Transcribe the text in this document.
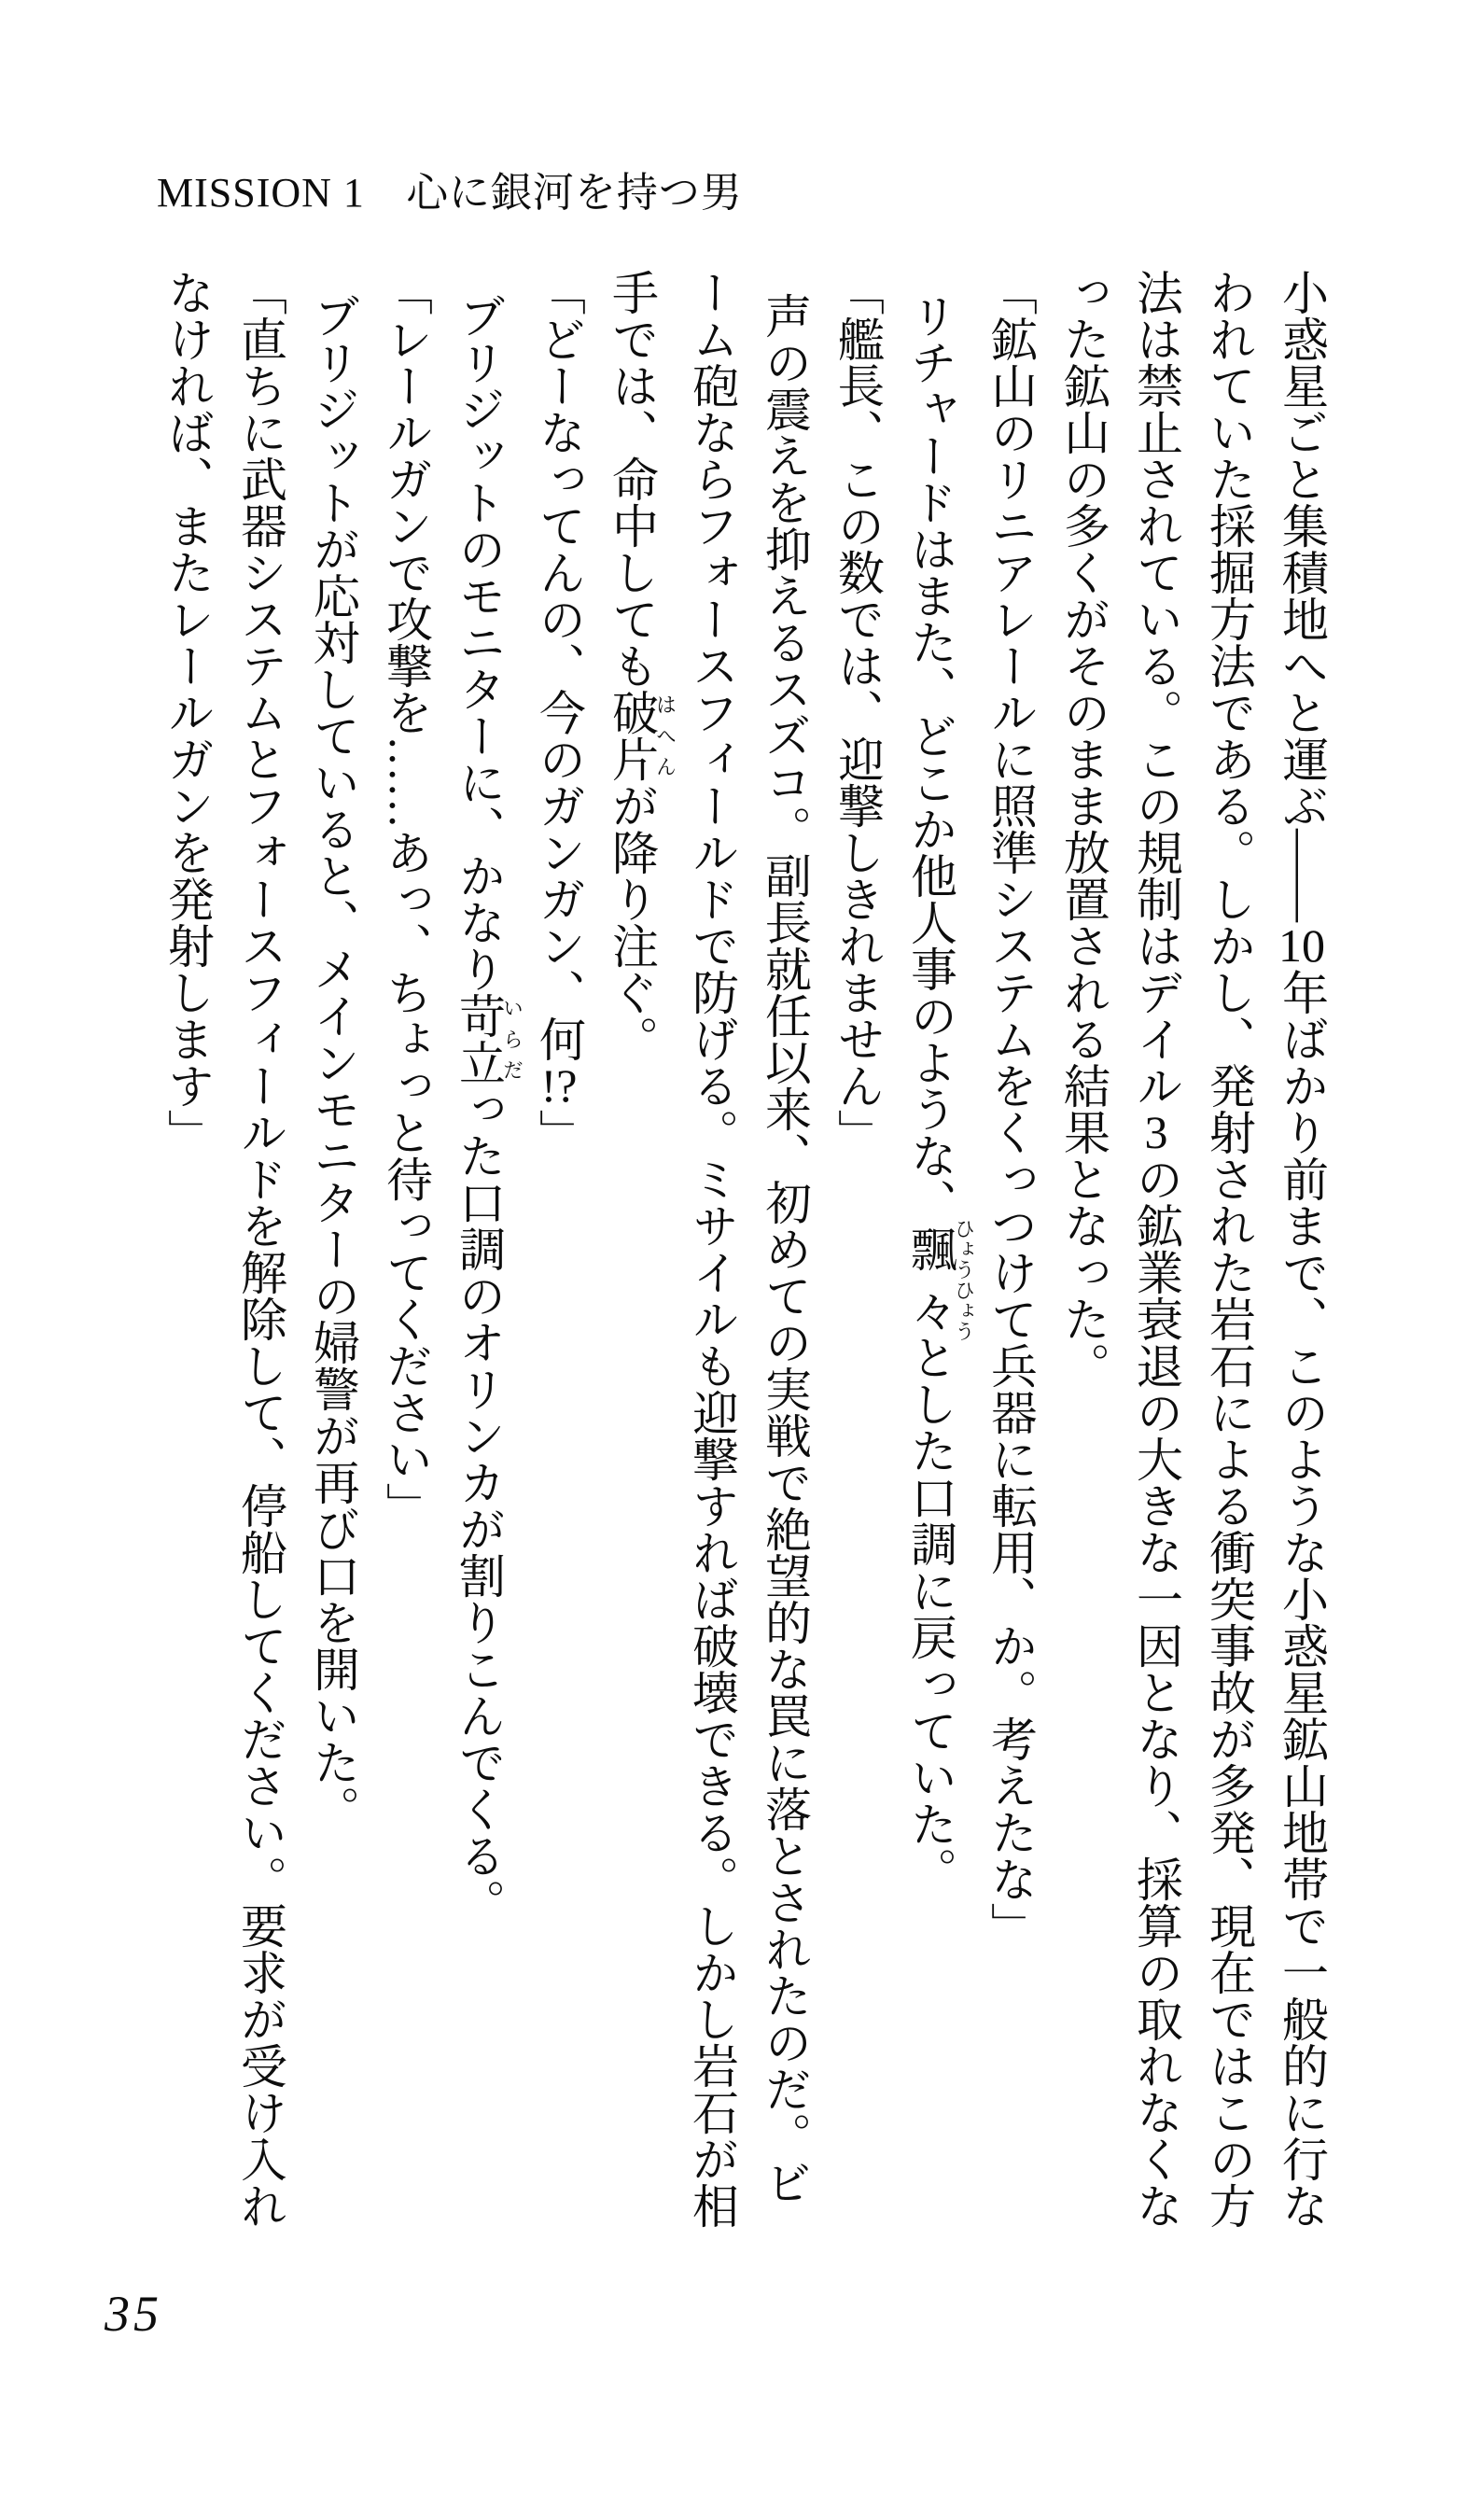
MISSION 1　心に銀河を持つ男

小惑星ごと集積地へと運ぶ――10年ばかり前まで、このような小惑星鉱山地帯で一般的に行な

われていた採掘方法である。しかし、発射された岩石による衝突事故が多発、現在ではこの方

法は禁止されている。この規制はデイル3の鉱業衰退の大きな一因となり、採算の取れなくな

った鉱山の多くがそのまま放置される結果となった。

「鉱山のリニアレールに照準システムをくっつけて兵器に転用、か。考えたな」

リチャードはまた、どこか他人事のような、飄々ひょうひょうとした口調に戻っていた。

「艦長、この数では、迎撃しきれません」

声の震えを抑えるスズコ。副長就任以来、初めての実戦で絶望的な罠に落とされたのだ。ビ

ーム砲ならフォースフィールドで防げる。ミサイルも迎撃すれば破壊できる。しかし岩石が相

手では、命中しても破片はへんが降り注ぐ。

「どーなってんの、今のガンガン、何!?」

ブリジットのモニターに、かなり苛立いらだった口調のオリンカが割りこんでくる。

「レールガンで攻撃を……あっ、ちょっと待ってください」

ブリジットが応対していると、メインモニターの婦警が再び口を開いた。

「直ちに武器システムとフォースフィールドを解除して、停船してください。要求が受け入れ

なければ、またレールガンを発射します」

35
